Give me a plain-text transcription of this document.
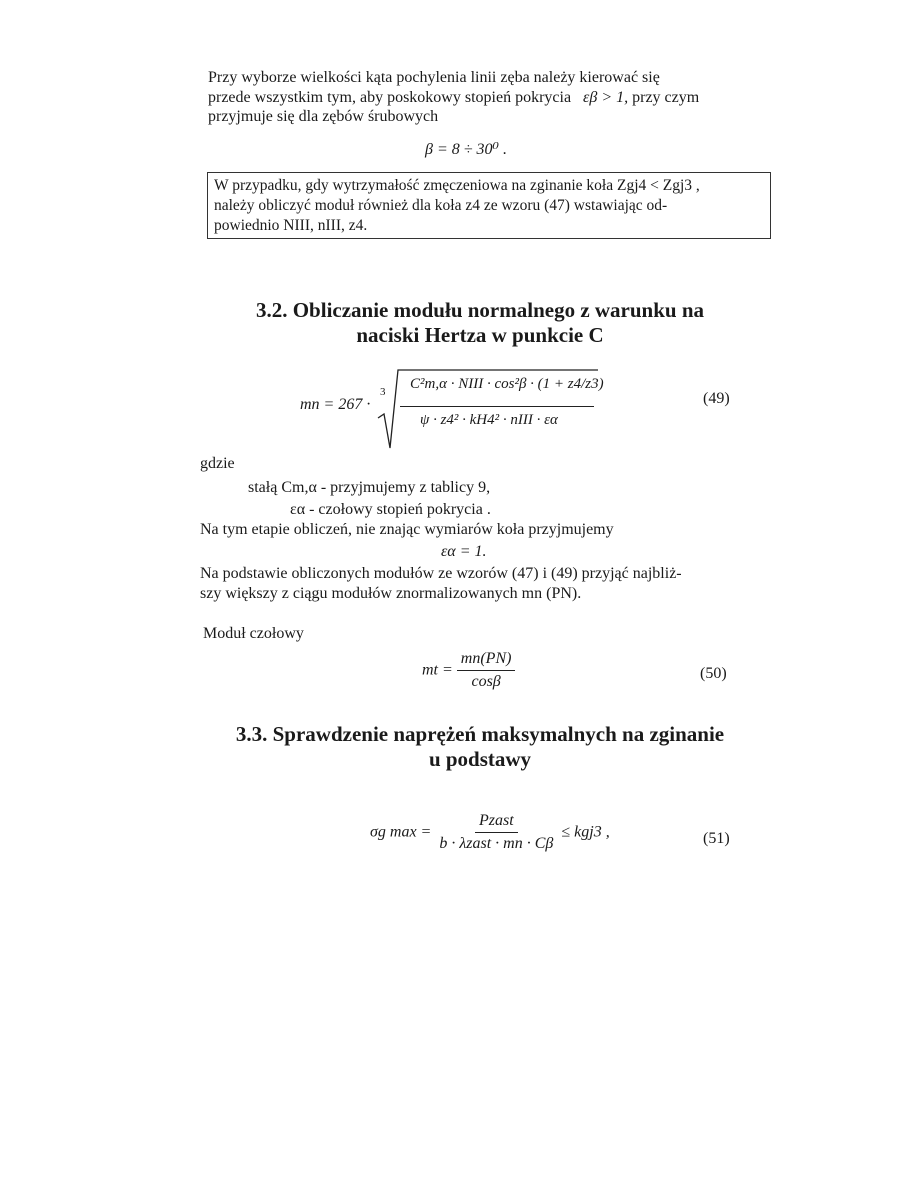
Przy wyborze wielkości kąta pochylenia linii zęba należy kierować się
przede wszystkim tym, aby poskokowy stopień pokrycia εβ > 1, przy czym
przyjmuje się dla zębów śrubowych
β = 8 ÷ 30⁰ .
W przypadku, gdy wytrzymałość zmęczeniowa na zginanie koła Zgj4 < Zgj3 ,
należy obliczyć moduł również dla koła z4 ze wzoru (47) wstawiając od-
powiednio NIII, nIII, z4.
3.2. Obliczanie modułu normalnego z warunku na
naciski Hertza w punkcie C
mn = 267 ·
3 C²m,α · NIII · cos²β · (1 + z4/z3)
ψ · z4² · kH4² · nIII · εα
(49)
gdzie
stałą Cm,α - przyjmujemy z tablicy 9,
εα - czołowy stopień pokrycia .
Na tym etapie obliczeń, nie znając wymiarów koła przyjmujemy
εα = 1.
Na podstawie obliczonych modułów ze wzorów (47) i (49) przyjąć najbliż-
szy większy z ciągu modułów znormalizowanych mn (PN).
Moduł czołowy
mt = $\frac{mn(PN)}{\cos\beta}$	(50)
3.3. Sprawdzenie naprężeń maksymalnych na zginanie
u podstawy
σg $\max = \frac{\text{Pzast}}{\text{b · λzast · mn · Cβ}} \le kgj3$ ,	(51)
